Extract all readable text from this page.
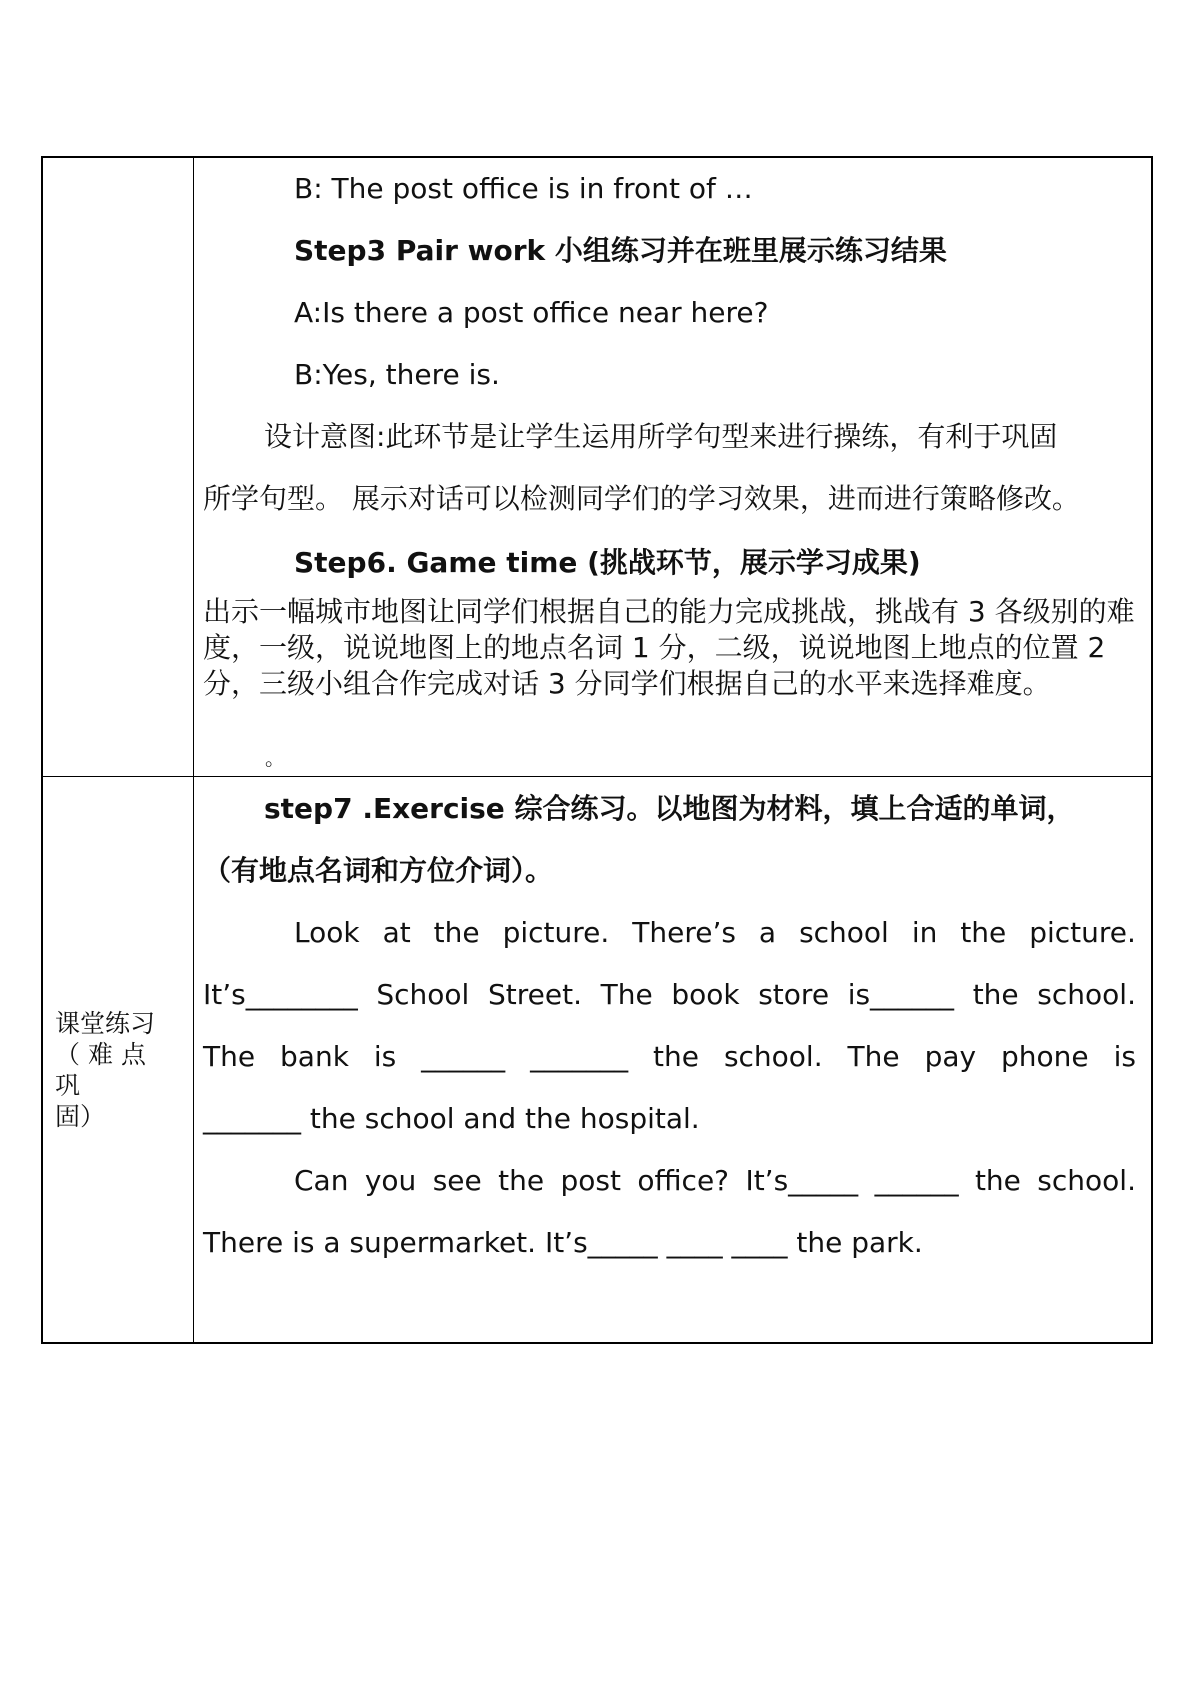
B: The post office is in front of …
Step3 Pair work 小组练习并在班里展示练习结果
A:Is there a post office near here?
B:Yes, there is.
设计意图:此环节是让学生运用所学句型来进行操练，有利于巩固
所学句型。 展示对话可以检测同学们的学习效果，进而进行策略修改。
Step6. Game time (挑战环节，展示学习成果)
出示一幅城市地图让同学们根据自己的能力完成挑战，挑战有 3 各级别的难度，一级，说说地图上的地点名词 1 分，二级，说说地图上地点的位置 2 分，三级小组合作完成对话 3 分同学们根据自己的水平来选择难度。
。
课堂练习
（难点巩
固）
step7 .Exercise 综合练习。以地图为材料，填上合适的单词，
（有地点名词和方位介词）。
Look at the picture. There’s a school in the picture.
It’s________ School Street. The book store is______ the school.
The bank is ______ _______ the school. The pay phone is
_______ the school and the hospital.
Can you see the post office? It’s_____ ______ the school.
There is a supermarket. It’s_____ ____ ____ the park.
